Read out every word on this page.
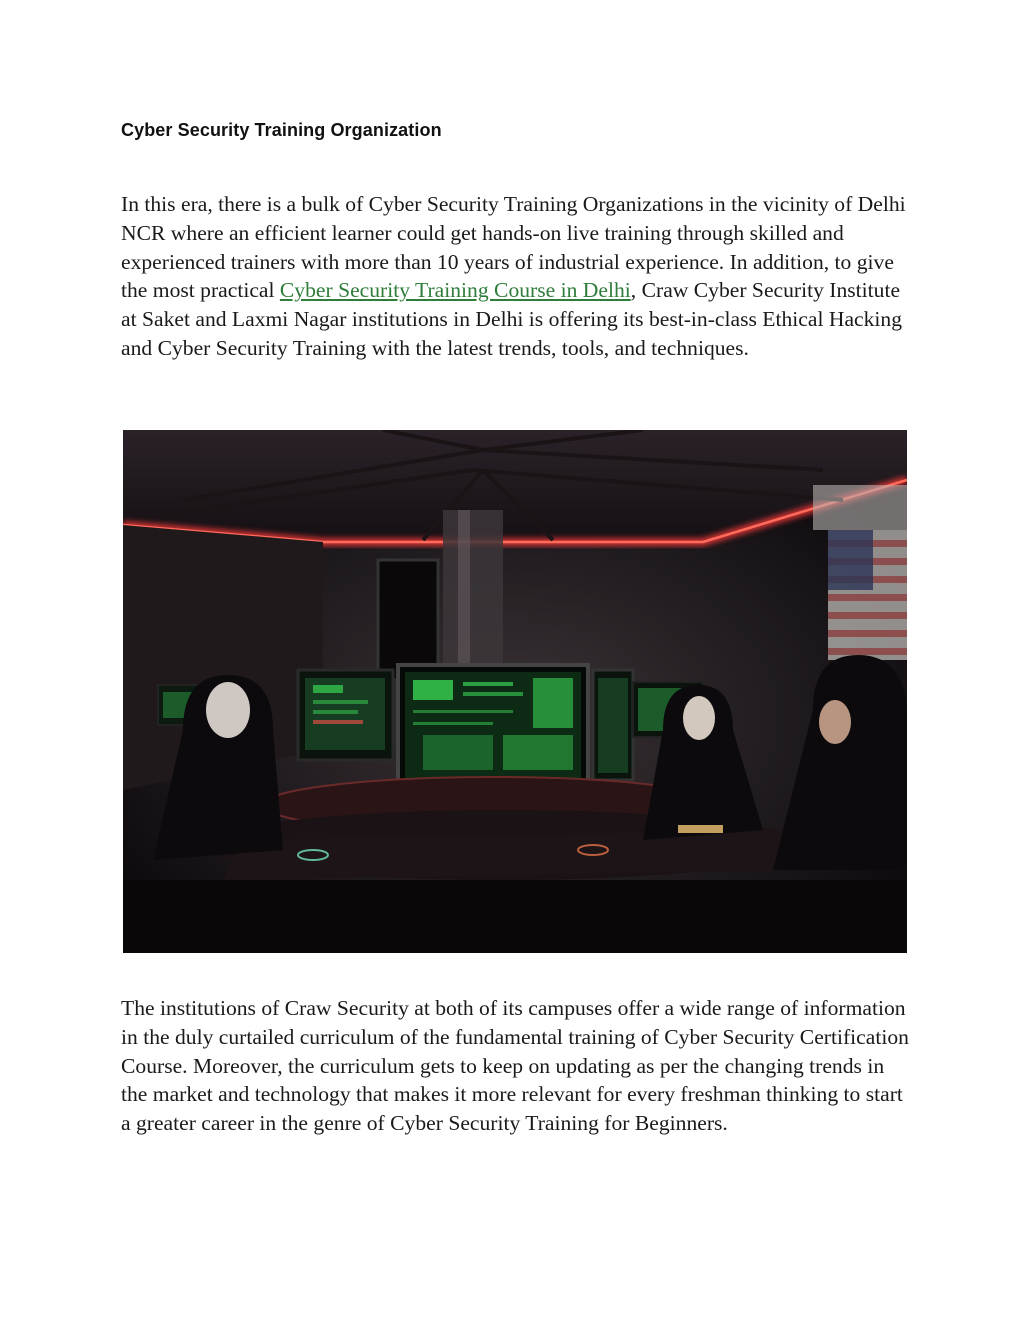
Cyber Security Training Organization
In this era, there is a bulk of Cyber Security Training Organizations in the vicinity of Delhi NCR where an efficient learner could get hands-on live training through skilled and experienced trainers with more than 10 years of industrial experience. In addition, to give the most practical Cyber Security Training Course in Delhi, Craw Cyber Security Institute at Saket and Laxmi Nagar institutions in Delhi is offering its best-in-class Ethical Hacking and Cyber Security Training with the latest trends, tools, and techniques.
The institutions of Craw Security at both of its campuses offer a wide range of information in the duly curtailed curriculum of the fundamental training of Cyber Security Certification Course. Moreover, the curriculum gets to keep on updating as per the changing trends in the market and technology that makes it more relevant for every freshman thinking to start a greater career in the genre of Cyber Security Training for Beginners.
